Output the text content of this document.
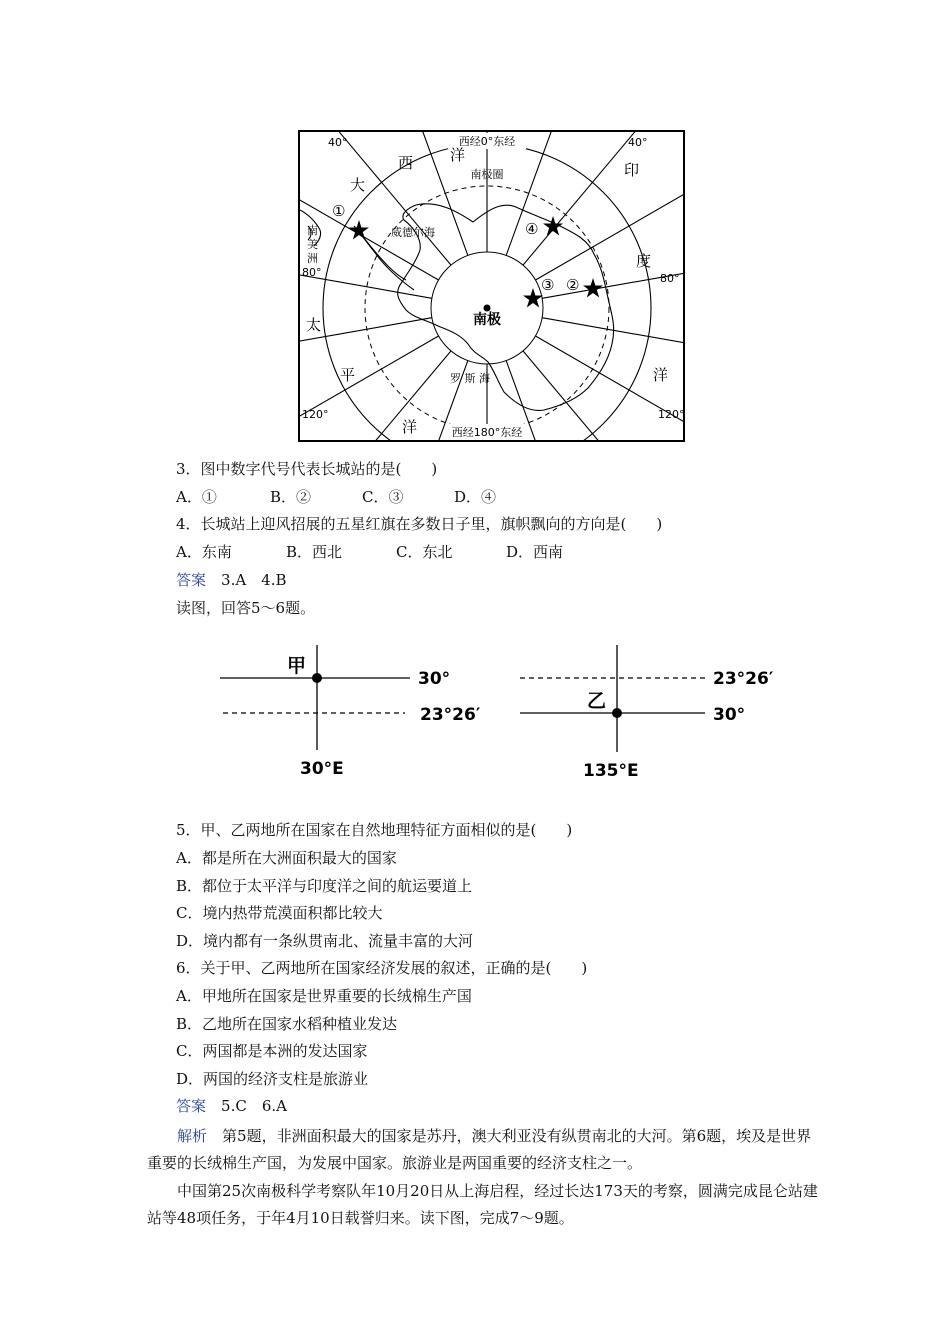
西经0°东经
西经180°东经
南极圈
南极
威德尔海
罗 斯 海
南
美
洲
大
西 洋
印
度
洋
太
平
洋
40°	40°
80°	80°
120°	120°
①
②
③
④
3．图中数字代号代表长城站的是(　　)
A．①	B．②	C．③	D．④
4．长城站上迎风招展的五星红旗在多数日子里，旗帜飘向的方向是(　　)
A．东南	B．西北	C．东北	D．西南
答案　 3.A　4.B
读图，回答5～6题。
甲
30°
23°26′
30°E
乙
23°26′
30°
135°E
5．甲、乙两地所在国家在自然地理特征方面相似的是(　　)
A．都是所在大洲面积最大的国家
B．都位于太平洋与印度洋之间的航运要道上
C．境内热带荒漠面积都比较大
D．境内都有一条纵贯南北、流量丰富的大河
6．关于甲、乙两地所在国家经济发展的叙述，正确的是(　　)
A．甲地所在国家是世界重要的长绒棉生产国
B．乙地所在国家水稻种植业发达
C．两国都是本洲的发达国家
D．两国的经济支柱是旅游业
答案　 5.C　6.A
解析　 第5题，非洲面积最大的国家是苏丹，澳大利亚没有纵贯南北的大河。第6题，埃及是世界重要的长绒棉生产国，为发展中国家。旅游业是两国重要的经济支柱之一。
中国第25次南极科学考察队年10月20日从上海启程，经过长达173天的考察，圆满完成昆仑站建站等48项任务，于年4月10日载誉归来。读下图，完成7～9题。
